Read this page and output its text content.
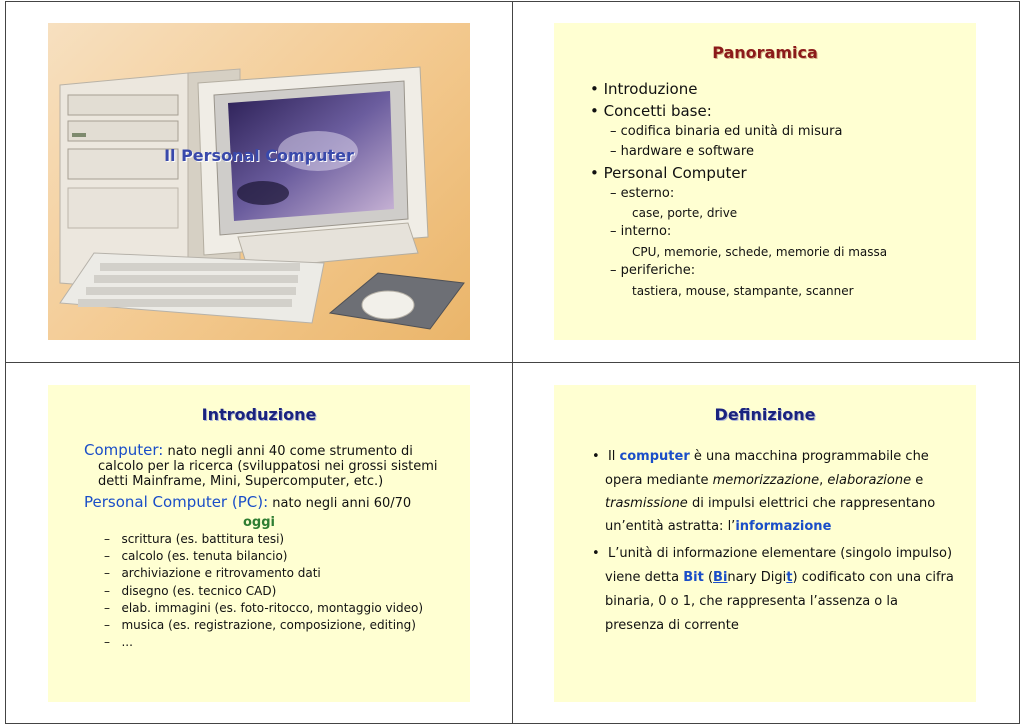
Il Personal Computer
Panoramica
• Introduzione
• Concetti base:
– codifica binaria ed unità di misura
– hardware e software
• Personal Computer
– esterno:
case, porte, drive
– interno:
CPU, memorie, schede, memorie di massa
– periferiche:
tastiera, mouse, stampante, scanner
Introduzione
Computer: nato negli anni 40 come strumento di
calcolo per la ricerca (sviluppatosi nei grossi sistemi
detti Mainframe, Mini, Supercomputer, etc.)
Personal Computer (PC): nato negli anni 60/70
oggi
–   scrittura (es. battitura tesi)
–   calcolo (es. tenuta bilancio)
–   archiviazione e ritrovamento dati
–   disegno (es. tecnico CAD)
–   elab. immagini (es. foto-ritocco, montaggio video)
–   musica (es. registrazione, composizione, editing)
–   ...
Definizione
•  Il computer è una macchina programmabile che
opera mediante memorizzazione, elaborazione e
trasmissione di impulsi elettrici che rappresentano
un’entità astratta: l’informazione
•  L’unità di informazione elementare (singolo impulso)
viene detta Bit (Binary Digit) codificato con una cifra
binaria, 0 o 1, che rappresenta l’assenza o la
presenza di corrente
